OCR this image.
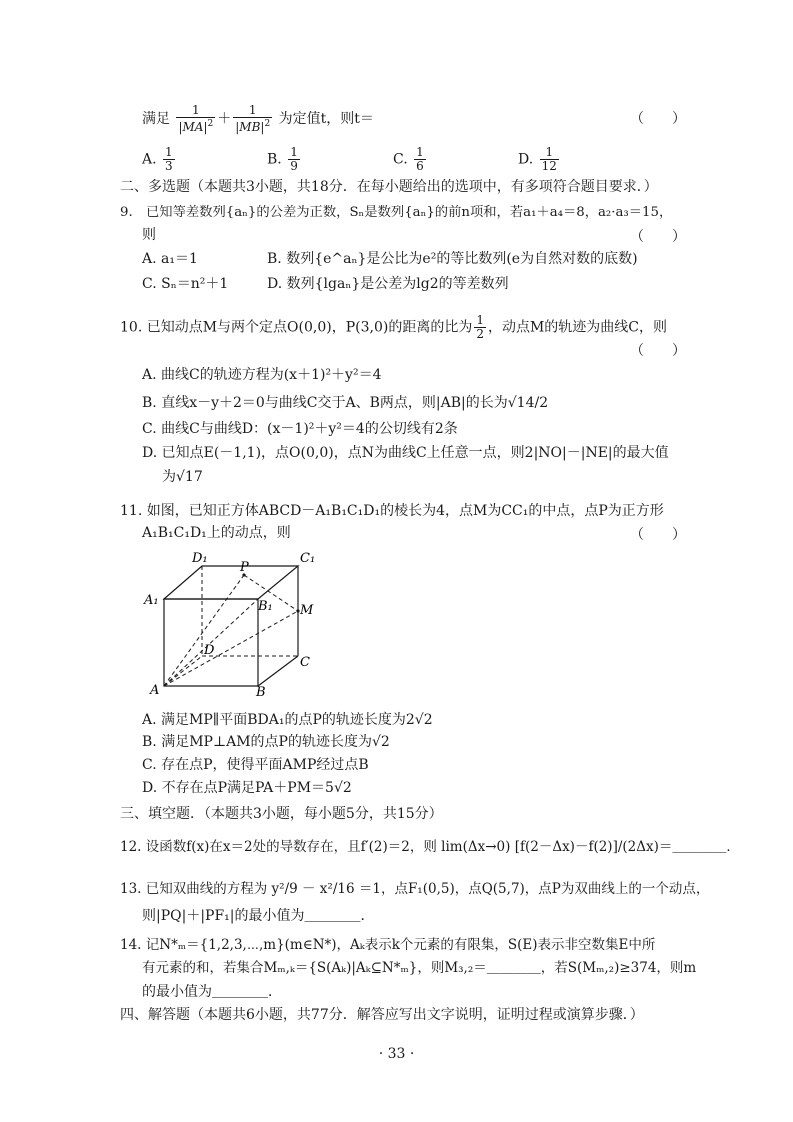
满足 $\frac{1}{|MA|^2} + \frac{1}{|MB|^2}$ 为定值t，则t＝	（　　）
A. $\frac{1}{3}$	B. $\frac{1}{9}$	C. $\frac{1}{6}$	D. $\frac{1}{12}$
二、多选题（本题共3小题，共18分．在每小题给出的选项中，有多项符合题目要求．）
9.　已知等差数列{aₙ}的公差为正数，Sₙ是数列{aₙ}的前n项和，若a₁＋a₄＝8，a₂·a₃＝15，
则	（　　）
A. a₁＝1	B. 数列{e^aₙ}是公比为e²的等比数列(e为自然对数的底数)
C. Sₙ＝n²＋1	D. 数列{lgaₙ}是公差为lg2的等差数列
10. 已知动点M与两个定点O(0,0)，P(3,0)的距离的比为 $\frac{1}{2}$ ，动点M的轨迹为曲线C，则
（　　）
A. 曲线C的轨迹方程为(x＋1)²＋y²＝4
B. 直线x－y＋2＝0与曲线C交于A、B两点，则|AB|的长为√14/2
C. 曲线C与曲线D：(x－1)²＋y²＝4的公切线有2条
D. 已知点E(－1,1)，点O(0,0)，点N为曲线C上任意一点，则2|NO|－|NE|的最大值
为√17
11. 如图，已知正方体ABCD－A₁B₁C₁D₁的棱长为4，点M为CC₁的中点，点P为正方形
A₁B₁C₁D₁上的动点，则	（　　）
D₁	C₁
A₁	B₁
P
M
D
C
A	B
A. 满足MP∥平面BDA₁的点P的轨迹长度为2√2
B. 满足MP⊥AM的点P的轨迹长度为√2
C. 存在点P，使得平面AMP经过点B
D. 不存在点P满足PA＋PM＝5√2
三、填空题．（本题共3小题，每小题5分，共15分）
12. 设函数f(x)在x＝2处的导数存在，且f′(2)＝2，则 lim(Δx→0) [f(2－Δx)－f(2)]/(2Δx)＝＿＿＿＿．
13. 已知双曲线的方程为 y²/9 － x²/16 ＝1，点F₁(0,5)，点Q(5,7)，点P为双曲线上的一个动点，
则|PQ|＋|PF₁|的最小值为＿＿＿＿．
14. 记N*ₘ＝{1,2,3,⋯,m}(m∈N*)，Aₖ表示k个元素的有限集，S(E)表示非空数集E中所
有元素的和，若集合Mₘ,ₖ＝{S(Aₖ)|Aₖ⊆N*ₘ}，则M₃,₂＝＿＿＿＿，若S(Mₘ,₂)≥374，则m
的最小值为＿＿＿＿．
四、解答题（本题共6小题，共77分．解答应写出文字说明，证明过程或演算步骤．）
· 33 ·
